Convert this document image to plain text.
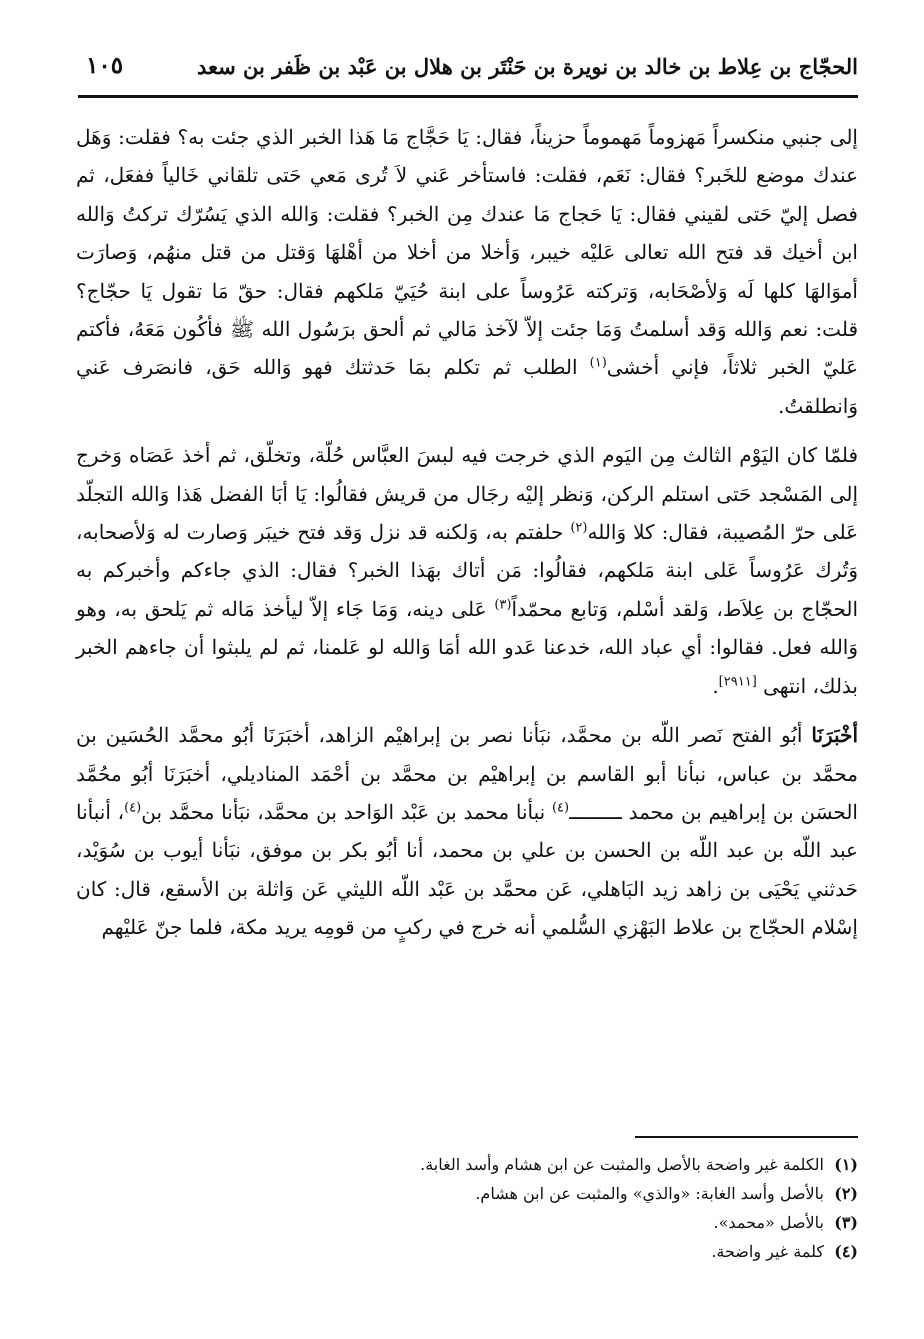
الحجّاج بن عِلاط بن خالد بن نويرة بن حَنْتَر بن هلال بن عَبْد بن ظَفر بن سعد
١٠٥

إلى جنبي منكسراً مَهزوماً مَهموماً حزيناً، فقال: يَا حَجَّاج مَا هَذا الخبر الذي جئت به؟ فقلت: وَهَل عندك موضع للخَبر؟ فقال: نَعَم، فقلت: فاستأخر عَني لاَ تُرى مَعي حَتى تلقاني خَالياً ففعَل، ثم فصل إليّ حَتى لقيني فقال: يَا حَجاج مَا عندك مِن الخبر؟ فقلت: وَالله الذي يَسُرّك تركتُ وَالله ابن أخيك قد فتح الله تعالى عَليْه خيبر، وَأخلا من أخلا من أهْلهَا وَقتل من قتل منهُم، وَصارَت أموَالهَا كلها لَه وَلأصْحَابه، وَتركته عَرُوساً على ابنة حُيَيّ مَلكهم فقال: حقّ مَا تقول يَا حجّاج؟ قلت: نعم وَالله وَقد أسلمتُ وَمَا جئت إلاّ لآخذ مَالي ثم ألحق برَسُول الله ﷺ فأكُون مَعَهُ، فأكتم عَليّ الخبر ثلاثاً، فإني أخشى$^{(١)}$ الطلب ثم تكلم بمَا حَدثتك فهو وَالله حَق، فانصَرف عَني وَانطلقتُ.

فلمّا كان اليَوْم الثالث مِن اليَوم الذي خرجت فيه لبسَ العبَّاس حُلّة، وتخلّق، ثم أخذ عَصَاه وَخرج إلى المَسْجد حَتى استلم الركن، وَنظر إليْه رجَال من قريش فقالُوا: يَا أبَا الفضل هَذا وَالله التجلّد عَلى حرّ المُصيبة، فقال: كلا وَالله$^{(٢)}$ حلفتم به، وَلكنه قد نزل وَقد فتح خيبَر وَصارت له وَلأصحابه، وَتُرك عَرُوساً عَلى ابنة مَلكهم، فقالُوا: مَن أتاك بهَذا الخبر؟ فقال: الذي جاءكم وأخبركم به الحجّاج بن عِلاَط، وَلقد أسْلم، وَتابع محمّداً$^{(٣)}$ عَلى دينه، وَمَا جَاء إلاّ ليأخذ مَاله ثم يَلحق به، وهو وَالله فعل. فقالوا: أي عباد الله، خدعنا عَدو الله أمَا وَالله لو عَلمنا، ثم لم يلبثوا أن جاءهم الخبر بذلك، انتهى [٢٩١١].

أخْبَرَنَا أبُو الفتح نَصر اللّه بن محمَّد، نبَأنا نصر بن إبراهيْم الزاهد، أخبَرَنَا أبُو محمَّد الحُسَين بن محمَّد بن عباس، نبأنا أبو القاسم بن إبراهيْم بن محمَّد بن أحْمَد المناديلي، أخبَرَنَا أبُو محُمَّد الحسَن بن إبراهيم بن محمد ـــــــــ$^{(٤)}$ نبأنا محمد بن عَبْد الوَاحد بن محمَّد، نبَأنا محمَّد بن$^{(٤)}$، أنبأنا عبد اللّه بن عبد اللّه بن الحسن بن علي بن محمد، أنا أبُو بكر بن موفق، نبَأنا أيوب بن سُوَيْد، حَدثني يَحْيَى بن زاهد زيد البَاهلي، عَن محمَّد بن عَبْد اللّه الليثي عَن وَاثلة بن الأسقع، قال: كان إسْلام الحجّاج بن علاط البَهْزي السُّلمي أنه خرج في ركبٍ من قومِه يريد مكة، فلما جنّ عَليْهم

(١)الكلمة غير واضحة بالأصل والمثبت عن ابن هشام وأسد الغابة.
(٢)بالأصل وأسد الغابة: «والذي» والمثبت عن ابن هشام.
(٣)بالأصل «محمد».
(٤)كلمة غير واضحة.
